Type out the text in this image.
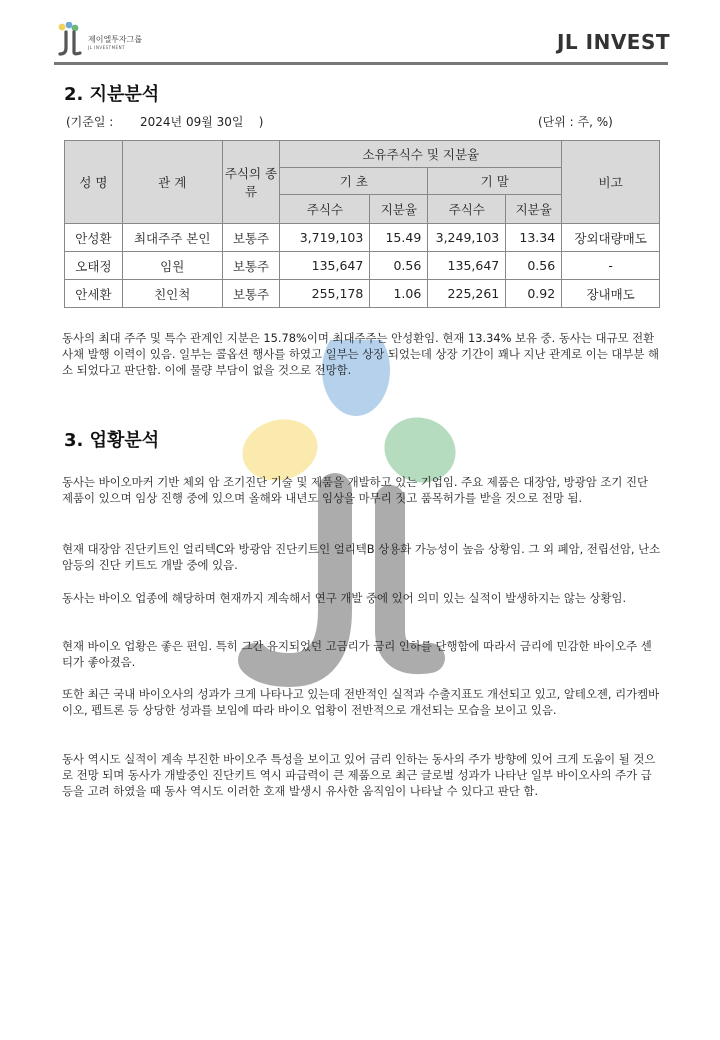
제이엘투자그룹
JL INVESTMENT	JL INVEST
2. 지분분석
(기준일 :       2024년 09월 30일    )	(단위 : 주, %)
성 명	관 계	주식의 종류	소유주식수 및 지분율				비고
			기 초		기 말		
			주식수	지분율	주식수	지분율	
안성환	최대주주 본인	보통주	3,719,103	15.49	3,249,103	13.34	장외대량매도
오태정	임원	보통주	135,647	0.56	135,647	0.56	-
안세환	친인척	보통주	255,178	1.06	225,261	0.92	장내매도

동사의 최대 주주 및 특수 관계인 지분은 15.78%이며 최대주주는 안성환임. 현재 13.34% 보유 중. 동사는 대규모 전환 사채 발행 이력이 있음. 일부는 콜옵션 행사를 하였고 일부는 상장 되었는데 상장 기간이 꽤나 지난 관계로 이는 대부분 해소 되었다고 판단함. 이에 물량 부담이 없을 것으로 전망함.

3. 업황분석

동사는 바이오마커 기반 체외 암 조기진단 기술 및 제품을 개발하고 있는 기업임. 주요 제품은 대장암, 방광암 조기 진단 제품이 있으며 임상 진행 중에 있으며 올해와 내년도 임상을 마무리 짓고 품목허가를 받을 것으로 전망 됨.

현재 대장암 진단키트인 얼리텍C와 방광암 진단키트인 얼리텍B 상용화 가능성이 높음 상황임. 그 외 폐암, 전립선암, 난소암등의 진단 키트도 개발 중에 있음.

동사는 바이오 업종에 해당하며 현재까지 계속해서 연구 개발 중에 있어 의미 있는 실적이 발생하지는 않는 상황임.

현재 바이오 업황은 좋은 편임. 특히 그간 유지되었던 고금리가 금리 인하를 단행함에 따라서 금리에 민감한 바이오주 센티가 좋아졌음.

또한 최근 국내 바이오사의 성과가 크게 나타나고 있는데 전반적인 실적과 수출지표도 개선되고 있고, 알테오젠, 리가켐바이오, 펩트론 등 상당한 성과를 보임에 따라 바이오 업황이 전반적으로 개선되는 모습을 보이고 있음.

동사 역시도 실적이 계속 부진한 바이오주 특성을 보이고 있어 금리 인하는 동사의 주가 방향에 있어 크게 도움이 될 것으로 전망 되며 동사가 개발중인 진단키트 역시 파급력이 큰 제품으로 최근 글로벌 성과가 나타난 일부 바이오사의 주가 급등을 고려 하였을 때 동사 역시도 이러한 호재 발생시 유사한 움직임이 나타날 수 있다고 판단 함.
